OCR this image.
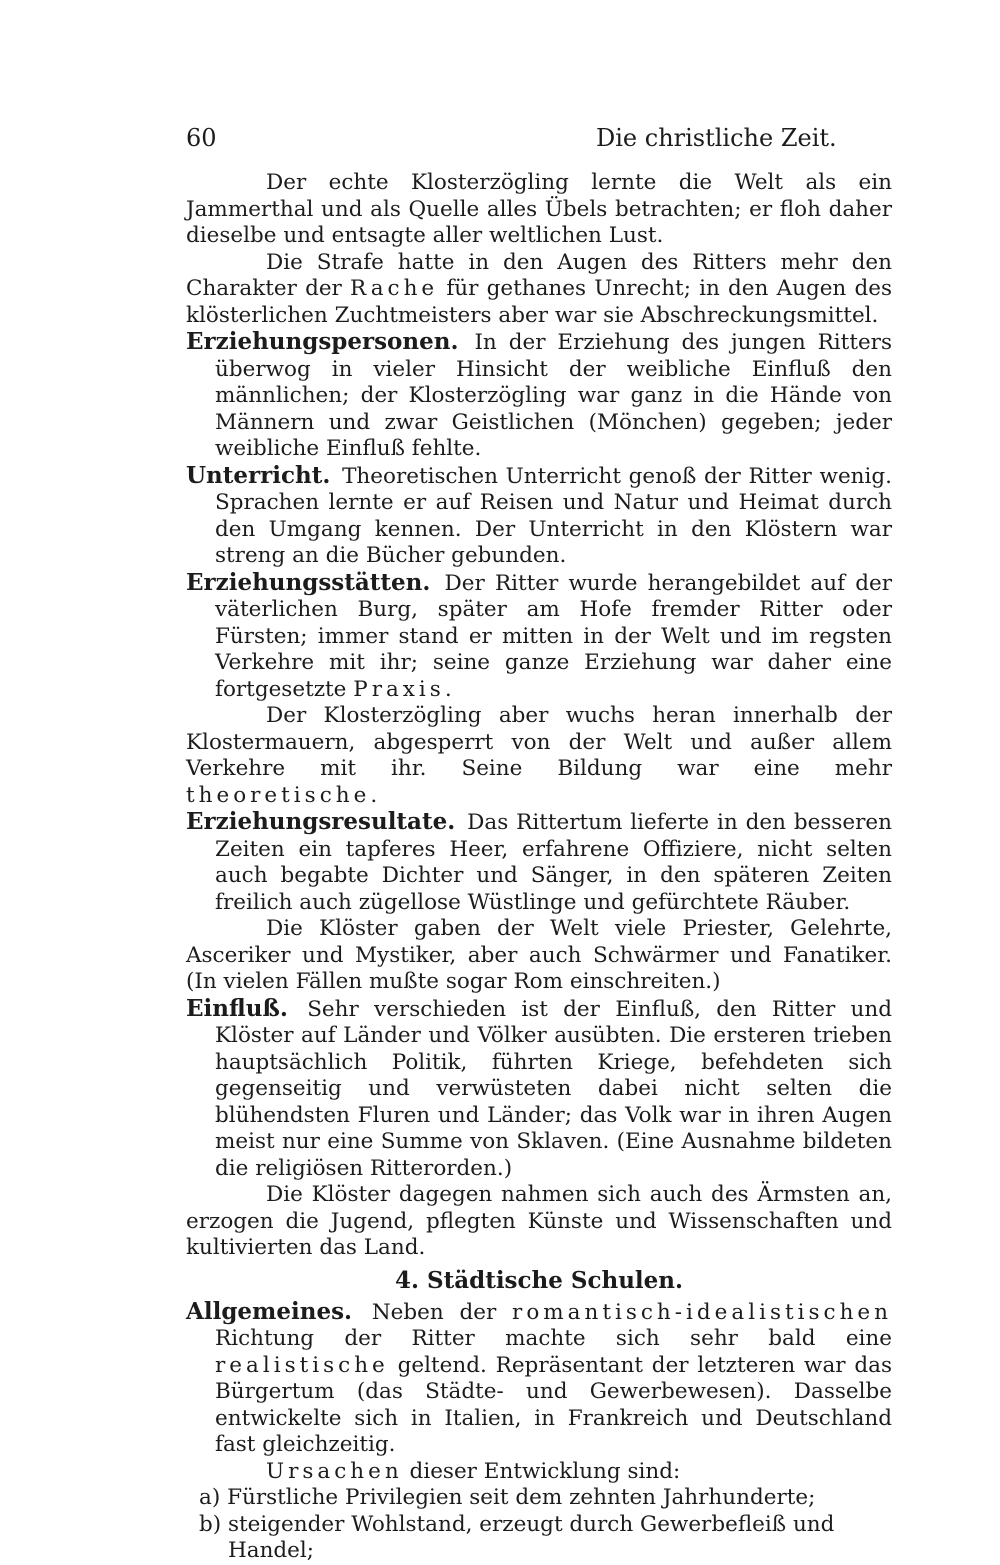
60	Die christliche Zeit.

Der echte Klosterzögling lernte die Welt als ein Jammerthal und als Quelle alles Übels betrachten; er floh daher dieselbe und entsagte aller weltlichen Lust.

Die Strafe hatte in den Augen des Ritters mehr den Charakter der Rache für gethanes Unrecht; in den Augen des klösterlichen Zuchtmeisters aber war sie Abschreckungsmittel.

Erziehungspersonen. In der Erziehung des jungen Ritters überwog in vieler Hinsicht der weibliche Einfluß den männlichen; der Klosterzögling war ganz in die Hände von Männern und zwar Geistlichen (Mönchen) gegeben; jeder weibliche Einfluß fehlte.

Unterricht. Theoretischen Unterricht genoß der Ritter wenig. Sprachen lernte er auf Reisen und Natur und Heimat durch den Umgang kennen. Der Unterricht in den Klöstern war streng an die Bücher gebunden.

Erziehungsstätten. Der Ritter wurde herangebildet auf der väterlichen Burg, später am Hofe fremder Ritter oder Fürsten; immer stand er mitten in der Welt und im regsten Verkehre mit ihr; seine ganze Erziehung war daher eine fortgesetzte Praxis.

Der Klosterzögling aber wuchs heran innerhalb der Klostermauern, abgesperrt von der Welt und außer allem Verkehre mit ihr. Seine Bildung war eine mehr theoretische.

Erziehungsresultate. Das Rittertum lieferte in den besseren Zeiten ein tapferes Heer, erfahrene Offiziere, nicht selten auch begabte Dichter und Sänger, in den späteren Zeiten freilich auch zügellose Wüstlinge und gefürchtete Räuber.

Die Klöster gaben der Welt viele Priester, Gelehrte, Asceriker und Mystiker, aber auch Schwärmer und Fanatiker. (In vielen Fällen mußte sogar Rom einschreiten.)

Einfluß. Sehr verschieden ist der Einfluß, den Ritter und Klöster auf Länder und Völker ausübten. Die ersteren trieben hauptsächlich Politik, führten Kriege, befehdeten sich gegenseitig und verwüsteten dabei nicht selten die blühendsten Fluren und Länder; das Volk war in ihren Augen meist nur eine Summe von Sklaven. (Eine Ausnahme bildeten die religiösen Ritterorden.)

Die Klöster dagegen nahmen sich auch des Ärmsten an, erzogen die Jugend, pflegten Künste und Wissenschaften und kultivierten das Land.

4. Städtische Schulen.

Allgemeines. Neben der romantisch-idealistischen Richtung der Ritter machte sich sehr bald eine realistische geltend. Repräsentant der letzteren war das Bürgertum (das Städte- und Gewerbewesen). Dasselbe entwickelte sich in Italien, in Frankreich und Deutschland fast gleichzeitig.

Ursachen dieser Entwicklung sind:

a) Fürstliche Privilegien seit dem zehnten Jahrhunderte;

b) steigender Wohlstand, erzeugt durch Gewerbefleiß und Handel;
